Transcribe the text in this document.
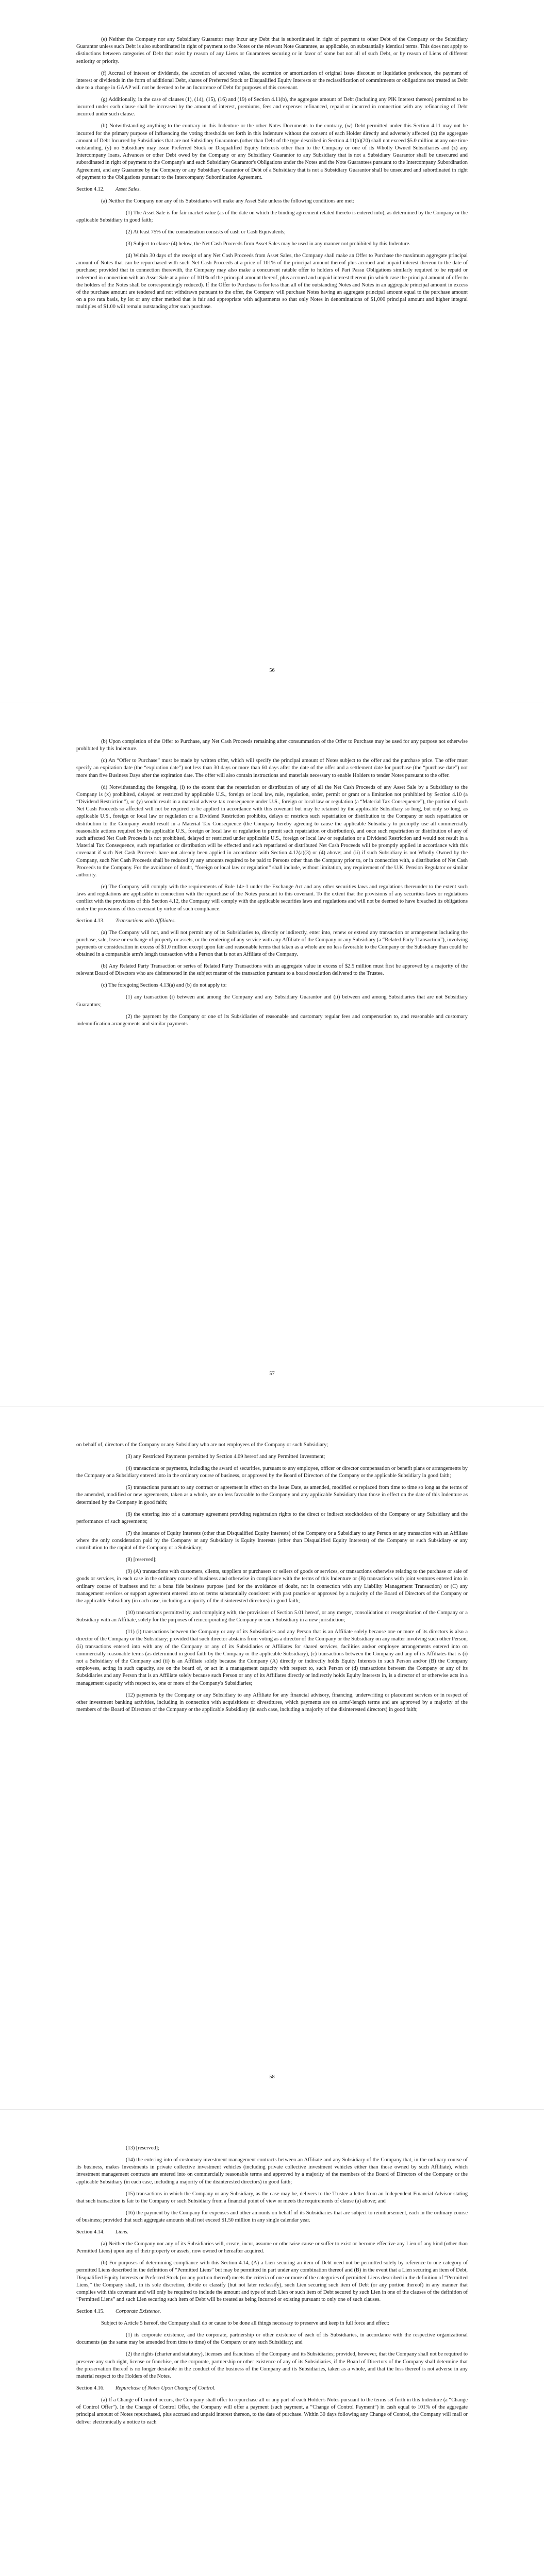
(e) Neither the Company nor any Subsidiary Guarantor may Incur any Debt that is subordinated in right of payment to other Debt of the Company or the Subsidiary Guarantor unless such Debt is also subordinated in right of payment to the Notes or the relevant Note Guarantee, as applicable, on substantially identical terms. This does not apply to distinctions between categories of Debt that exist by reason of any Liens or Guarantees securing or in favor of some but not all of such Debt, or by reason of Liens of different seniority or priority.

(f) Accrual of interest or dividends, the accretion of accreted value, the accretion or amortization of original issue discount or liquidation preference, the payment of interest or dividends in the form of additional Debt, shares of Preferred Stock or Disqualified Equity Interests or the reclassification of commitments or obligations not treated as Debt due to a change in GAAP will not be deemed to be an Incurrence of Debt for purposes of this covenant.

(g) Additionally, in the case of clauses (1), (14), (15), (16) and (19) of Section 4.11(b), the aggregate amount of Debt (including any PIK Interest thereon) permitted to be incurred under each clause shall be increased by the amount of interest, premiums, fees and expenses refinanced, repaid or incurred in connection with any refinancing of Debt incurred under such clause.

(h) Notwithstanding anything to the contrary in this Indenture or the other Notes Documents to the contrary, (w) Debt permitted under this Section 4.11 may not be incurred for the primary purpose of influencing the voting thresholds set forth in this Indenture without the consent of each Holder directly and adversely affected (x) the aggregate amount of Debt Incurred by Subsidiaries that are not Subsidiary Guarantors (other than Debt of the type described in Section 4.11(b)(20) shall not exceed $5.0 million at any one time outstanding, (y) no Subsidiary may issue Preferred Stock or Disqualified Equity Interests other than to the Company or one of its Wholly Owned Subsidiaries and (z) any Intercompany loans, Advances or other Debt owed by the Company or any Subsidiary Guarantor to any Subsidiary that is not a Subsidiary Guarantor shall be unsecured and subordinated in right of payment to the Company's and each Subsidiary Guarantor's Obligations under the Notes and the Note Guarantees pursuant to the Intercompany Subordination Agreement, and any Guarantee by the Company or any Subsidiary Guarantor of Debt of a Subsidiary that is not a Subsidiary Guarantor shall be unsecured and subordinated in right of payment to the Obligations pursuant to the Intercompany Subordination Agreement.

Section 4.12. Asset Sales.

(a) Neither the Company nor any of its Subsidiaries will make any Asset Sale unless the following conditions are met:

(1) The Asset Sale is for fair market value (as of the date on which the binding agreement related thereto is entered into), as determined by the Company or the applicable Subsidiary in good faith;

(2) At least 75% of the consideration consists of cash or Cash Equivalents;

(3) Subject to clause (4) below, the Net Cash Proceeds from Asset Sales may be used in any manner not prohibited by this Indenture.

(4) Within 30 days of the receipt of any Net Cash Proceeds from Asset Sales, the Company shall make an Offer to Purchase the maximum aggregate principal amount of Notes that can be repurchased with such Net Cash Proceeds at a price of 101% of the principal amount thereof plus accrued and unpaid interest thereon to the date of purchase; provided that in connection therewith, the Company may also make a concurrent ratable offer to holders of Pari Passu Obligations similarly required to be repaid or redeemed in connection with an Asset Sale at a price of 101% of the principal amount thereof, plus accrued and unpaid interest thereon (in which case the principal amount of offer to the holders of the Notes shall be correspondingly reduced). If the Offer to Purchase is for less than all of the outstanding Notes and Notes in an aggregate principal amount in excess of the purchase amount are tendered and not withdrawn pursuant to the offer, the Company will purchase Notes having an aggregate principal amount equal to the purchase amount on a pro rata basis, by lot or any other method that is fair and appropriate with adjustments so that only Notes in denominations of $1,000 principal amount and higher integral multiples of $1.00 will remain outstanding after such purchase.

56

(b) Upon completion of the Offer to Purchase, any Net Cash Proceeds remaining after consummation of the Offer to Purchase may be used for any purpose not otherwise prohibited by this Indenture.

(c) An “Offer to Purchase” must be made by written offer, which will specify the principal amount of Notes subject to the offer and the purchase price. The offer must specify an expiration date (the “expiration date”) not less than 30 days or more than 60 days after the date of the offer and a settlement date for purchase (the “purchase date”) not more than five Business Days after the expiration date. The offer will also contain instructions and materials necessary to enable Holders to tender Notes pursuant to the offer.

(d) Notwithstanding the foregoing, (i) to the extent that the repatriation or distribution of any of all the Net Cash Proceeds of any Asset Sale by a Subsidiary to the Company is (x) prohibited, delayed or restricted by applicable U.S., foreign or local law, rule, regulation, order, permit or grant or a limitation not prohibited by Section 4.10 (a “Dividend Restriction”), or (y) would result in a material adverse tax consequence under U.S., foreign or local law or regulation (a “Material Tax Consequence”), the portion of such Net Cash Proceeds so affected will not be required to be applied in accordance with this covenant but may be retained by the applicable Subsidiary so long, but only so long, as applicable U.S., foreign or local law or regulation or a Dividend Restriction prohibits, delays or restricts such repatriation or distribution to the Company or such repatriation or distribution to the Company would result in a Material Tax Consequence (the Company hereby agreeing to cause the applicable Subsidiary to promptly use all commercially reasonable actions required by the applicable U.S., foreign or local law or regulation to permit such repatriation or distribution), and once such repatriation or distribution of any of such affected Net Cash Proceeds is not prohibited, delayed or restricted under applicable U.S., foreign or local law or regulation or a Dividend Restriction and would not result in a Material Tax Consequence, such repatriation or distribution will be effected and such repatriated or distributed Net Cash Proceeds will be promptly applied in accordance with this covenant if such Net Cash Proceeds have not already been applied in accordance with Section 4.12(a)(3) or (4) above; and (ii) if such Subsidiary is not Wholly Owned by the Company, such Net Cash Proceeds shall be reduced by any amounts required to be paid to Persons other than the Company prior to, or in connection with, a distribution of Net Cash Proceeds to the Company. For the avoidance of doubt, “foreign or local law or regulation” shall include, without limitation, any requirement of the U.K. Pension Regulator or similar authority.

(e) The Company will comply with the requirements of Rule 14e-1 under the Exchange Act and any other securities laws and regulations thereunder to the extent such laws and regulations are applicable in connection with the repurchase of the Notes pursuant to this covenant. To the extent that the provisions of any securities laws or regulations conflict with the provisions of this Section 4.12, the Company will comply with the applicable securities laws and regulations and will not be deemed to have breached its obligations under the provisions of this covenant by virtue of such compliance.

Section 4.13. Transactions with Affiliates.

(a) The Company will not, and will not permit any of its Subsidiaries to, directly or indirectly, enter into, renew or extend any transaction or arrangement including the purchase, sale, lease or exchange of property or assets, or the rendering of any service with any Affiliate of the Company or any Subsidiary (a “Related Party Transaction”), involving payments or consideration in excess of $1.0 million except upon fair and reasonable terms that taken as a whole are no less favorable to the Company or the Subsidiary than could be obtained in a comparable arm's length transaction with a Person that is not an Affiliate of the Company.

(b) Any Related Party Transaction or series of Related Party Transactions with an aggregate value in excess of $2.5 million must first be approved by a majority of the relevant Board of Directors who are disinterested in the subject matter of the transaction pursuant to a board resolution delivered to the Trustee.

(c) The foregoing Sections 4.13(a) and (b) do not apply to:

(1) any transaction (i) between and among the Company and any Subsidiary Guarantor and (ii) between and among Subsidiaries that are not Subsidiary Guarantors;

(2) the payment by the Company or one of its Subsidiaries of reasonable and customary regular fees and compensation to, and reasonable and customary indemnification arrangements and similar payments

57

on behalf of, directors of the Company or any Subsidiary who are not employees of the Company or such Subsidiary;

(3) any Restricted Payments permitted by Section 4.09 hereof and any Permitted Investment;

(4) transactions or payments, including the award of securities, pursuant to any employee, officer or director compensation or benefit plans or arrangements by the Company or a Subsidiary entered into in the ordinary course of business, or approved by the Board of Directors of the Company or the applicable Subsidiary in good faith;

(5) transactions pursuant to any contract or agreement in effect on the Issue Date, as amended, modified or replaced from time to time so long as the terms of the amended, modified or new agreements, taken as a whole, are no less favorable to the Company and any applicable Subsidiary than those in effect on the date of this Indenture as determined by the Company in good faith;

(6) the entering into of a customary agreement providing registration rights to the direct or indirect stockholders of the Company or any Subsidiary and the performance of such agreements;

(7) the issuance of Equity Interests (other than Disqualified Equity Interests) of the Company or a Subsidiary to any Person or any transaction with an Affiliate where the only consideration paid by the Company or any Subsidiary is Equity Interests (other than Disqualified Equity Interests) of the Company or such Subsidiary or any contribution to the capital of the Company or a Subsidiary;

(8) [reserved];

(9) (A) transactions with customers, clients, suppliers or purchasers or sellers of goods or services, or transactions otherwise relating to the purchase or sale of goods or services, in each case in the ordinary course of business and otherwise in compliance with the terms of this Indenture or (B) transactions with joint ventures entered into in ordinary course of business and for a bona fide business purpose (and for the avoidance of doubt, not in connection with any Liability Management Transaction) or (C) any management services or support agreement entered into on terms substantially consistent with past practice or approved by a majority of the Board of Directors of the Company or the applicable Subsidiary (in each case, including a majority of the disinterested directors) in good faith;

(10) transactions permitted by, and complying with, the provisions of Section 5.01 hereof, or any merger, consolidation or reorganization of the Company or a Subsidiary with an Affiliate, solely for the purposes of reincorporating the Company or such Subsidiary in a new jurisdiction;

(11) (i) transactions between the Company or any of its Subsidiaries and any Person that is an Affiliate solely because one or more of its directors is also a director of the Company or the Subsidiary; provided that such director abstains from voting as a director of the Company or the Subsidiary on any matter involving such other Person, (ii) transactions entered into with any of the Company or any of its Subsidiaries or Affiliates for shared services, facilities and/or employee arrangements entered into on commercially reasonable terms (as determined in good faith by the Company or the applicable Subsidiary), (c) transactions between the Company and any of its Affiliates that is (i) not a Subsidiary of the Company and (ii) is an Affiliate solely because the Company (A) directly or indirectly holds Equity Interests in such Person and/or (B) the Company employees, acting in such capacity, are on the board of, or act in a management capacity with respect to, such Person or (d) transactions between the Company or any of its Subsidiaries and any Person that is an Affiliate solely because such Person or any of its Affiliates directly or indirectly holds Equity Interests in, is a director of or otherwise acts in a management capacity with respect to, one or more of the Company's Subsidiaries;

(12) payments by the Company or any Subsidiary to any Affiliate for any financial advisory, financing, underwriting or placement services or in respect of other investment banking activities, including in connection with acquisitions or divestitures, which payments are on arms'-length terms and are approved by a majority of the members of the Board of Directors of the Company or the applicable Subsidiary (in each case, including a majority of the disinterested directors) in good faith;

58

(13) [reserved];

(14) the entering into of customary investment management contracts between an Affiliate and any Subsidiary of the Company that, in the ordinary course of its business, makes Investments in private collective investment vehicles (including private collective investment vehicles either than those owned by such Affiliate), which investment management contracts are entered into on commercially reasonable terms and approved by a majority of the members of the Board of Directors of the Company or the applicable Subsidiary (in each case, including a majority of the disinterested directors) in good faith;

(15) transactions in which the Company or any Subsidiary, as the case may be, delivers to the Trustee a letter from an Independent Financial Advisor stating that such transaction is fair to the Company or such Subsidiary from a financial point of view or meets the requirements of clause (a) above; and

(16) the payment by the Company for expenses and other amounts on behalf of its Subsidiaries that are subject to reimbursement, each in the ordinary course of business; provided that such aggregate amounts shall not exceed $1.50 million in any single calendar year.

Section 4.14. Liens.

(a) Neither the Company nor any of its Subsidiaries will, create, incur, assume or otherwise cause or suffer to exist or become effective any Lien of any kind (other than Permitted Liens) upon any of their property or assets, now owned or hereafter acquired.

(b) For purposes of determining compliance with this Section 4.14, (A) a Lien securing an item of Debt need not be permitted solely by reference to one category of permitted Liens described in the definition of “Permitted Liens” but may be permitted in part under any combination thereof and (B) in the event that a Lien securing an item of Debt, Disqualified Equity Interests or Preferred Stock (or any portion thereof) meets the criteria of one or more of the categories of permitted Liens described in the definition of “Permitted Liens,” the Company shall, in its sole discretion, divide or classify (but not later reclassify), such Lien securing such item of Debt (or any portion thereof) in any manner that complies with this covenant and will only be required to include the amount and type of such Lien or such item of Debt secured by such Lien in one of the clauses of the definition of “Permitted Liens” and such Lien securing such item of Debt will be treated as being Incurred or existing pursuant to only one of such clauses.

Section 4.15. Corporate Existence.

Subject to Article 5 hereof, the Company shall do or cause to be done all things necessary to preserve and keep in full force and effect:

(1) its corporate existence, and the corporate, partnership or other existence of each of its Subsidiaries, in accordance with the respective organizational documents (as the same may be amended from time to time) of the Company or any such Subsidiary; and

(2) the rights (charter and statutory), licenses and franchises of the Company and its Subsidiaries; provided, however, that the Company shall not be required to preserve any such right, license or franchise, or the corporate, partnership or other existence of any of its Subsidiaries, if the Board of Directors of the Company shall determine that the preservation thereof is no longer desirable in the conduct of the business of the Company and its Subsidiaries, taken as a whole, and that the loss thereof is not adverse in any material respect to the Holders of the Notes.

Section 4.16. Repurchase of Notes Upon Change of Control.

(a) If a Change of Control occurs, the Company shall offer to repurchase all or any part of each Holder's Notes pursuant to the terms set forth in this Indenture (a “Change of Control Offer”). In the Change of Control Offer, the Company will offer a payment (such payment, a “Change of Control Payment”) in cash equal to 101% of the aggregate principal amount of Notes repurchased, plus accrued and unpaid interest thereon, to the date of purchase. Within 30 days following any Change of Control, the Company will mail or deliver electronically a notice to each
